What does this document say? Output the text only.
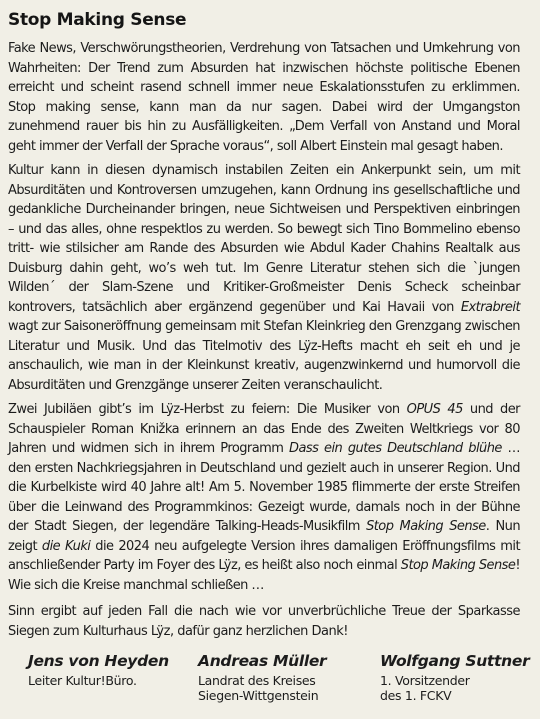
Stop Making Sense

Fake News, Verschwörungstheorien, Verdrehung von Tatsachen und Umkehrung von Wahrheiten: Der Trend zum Absurden hat inzwischen höchste politische Ebenen erreicht und scheint rasend schnell immer neue Eskalationsstufen zu erklimmen. Stop making sense, kann man da nur sagen. Dabei wird der Umgangston zunehmend rauer bis hin zu Ausfälligkeiten. „Dem Verfall von Anstand und Moral geht immer der Verfall der Sprache voraus“, soll Albert Einstein mal gesagt haben.

Kultur kann in diesen dynamisch instabilen Zeiten ein Ankerpunkt sein, um mit Absurditäten und Kontroversen umzugehen, kann Ordnung ins gesellschaftliche und gedankliche Durcheinander bringen, neue Sichtweisen und Perspektiven einbringen – und das alles, ohne respektlos zu werden. So bewegt sich Tino Bommelino ebenso tritt- wie stilsicher am Rande des Absurden wie Abdul Kader Chahins Realtalk aus Duisburg dahin geht, wo’s weh tut. Im Genre Literatur stehen sich die `jungen Wilden´ der Slam-Szene und Kritiker-Großmeister Denis Scheck scheinbar kontrovers, tatsächlich aber ergänzend gegenüber und Kai Havaii von Extrabreit wagt zur Saisoneröffnung gemeinsam mit Stefan Kleinkrieg den Grenzgang zwischen Literatur und Musik. Und das Titelmotiv des Lÿz-Hefts macht eh seit eh und je anschaulich, wie man in der Kleinkunst kreativ, augenzwinkernd und humorvoll die Absurditäten und Grenzgänge unserer Zeiten veranschaulicht.

Zwei Jubiläen gibt’s im Lÿz-Herbst zu feiern: Die Musiker von OPUS 45 und der Schauspieler Roman Knižka erinnern an das Ende des Zweiten Weltkriegs vor 80 Jahren und widmen sich in ihrem Programm Dass ein gutes Deutschland blühe … den ersten Nachkriegsjahren in Deutschland und gezielt auch in unserer Region. Und die Kurbelkiste wird 40 Jahre alt! Am 5. November 1985 flimmerte der erste Streifen über die Leinwand des Programmkinos: Gezeigt wurde, damals noch in der Bühne der Stadt Siegen, der legendäre Talking-Heads-Musikfilm Stop Making Sense. Nun zeigt die Kuki die 2024 neu aufgelegte Version ihres damaligen Eröffnungsfilms mit anschließender Party im Foyer des Lÿz, es heißt also noch einmal Stop Making Sense! Wie sich die Kreise manchmal schließen …

Sinn ergibt auf jeden Fall die nach wie vor unverbrüchliche Treue der Sparkasse Siegen zum Kulturhaus Lÿz, dafür ganz herzlichen Dank!

Jens von Heyden
Leiter Kultur!Büro.
Andreas Müller
Landrat des Kreises
Siegen-Wittgenstein
Wolfgang Suttner
1. Vorsitzender
des 1. FCKV
